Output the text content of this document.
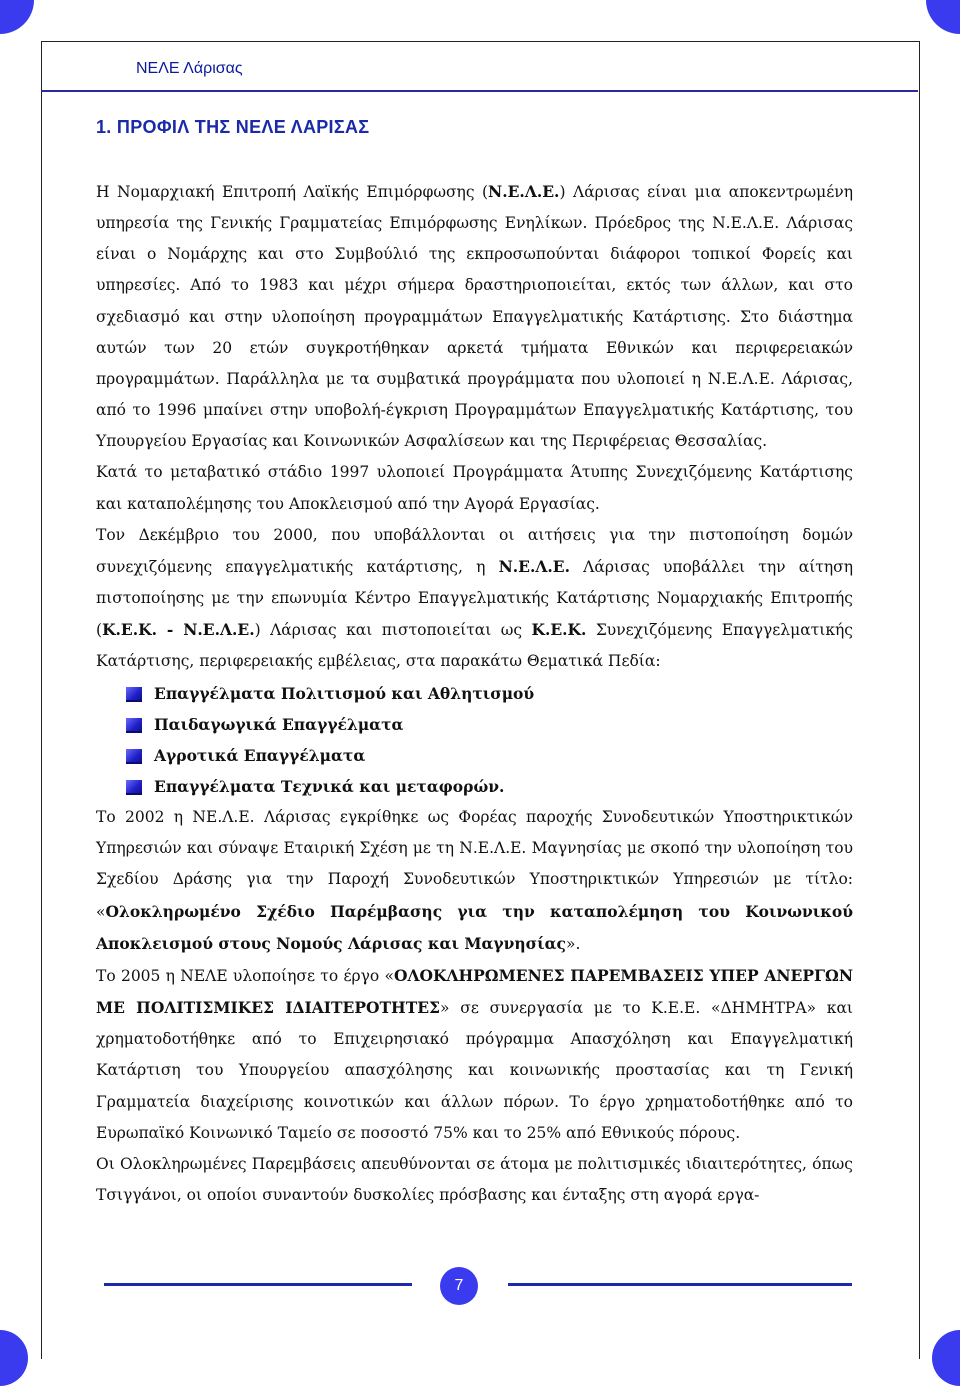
ΝΕΛΕ Λάρισας
1. ΠΡΟΦΙΛ ΤΗΣ ΝΕΛΕ ΛΑΡΙΣΑΣ

Η Νομαρχιακή Επιτροπή Λαϊκής Επιμόρφωσης (Ν.Ε.Λ.Ε.) Λάρισας είναι μια αποκεντρωμένη υπηρεσία της Γενικής Γραμματείας Επιμόρφωσης Ενηλίκων. Πρόεδρος της Ν.Ε.Λ.Ε. Λάρισας είναι ο Νομάρχης και στο Συμβούλιό της εκπροσωπούνται διάφοροι τοπικοί Φορείς και υπηρεσίες. Από το 1983 και μέχρι σήμερα δραστηριοποιείται, εκτός των άλλων, και στο σχεδιασμό και στην υλοποίηση προγραμμάτων Επαγγελματικής Κατάρτισης. Στο διάστημα αυτών των 20 ετών συγκροτήθηκαν αρκετά τμήματα Εθνικών και περιφερειακών προγραμμάτων. Παράλληλα με τα συμβατικά προγράμματα που υλοποιεί η Ν.Ε.Λ.Ε. Λάρισας, από το 1996 μπαίνει στην υποβολή-έγκριση Προγραμμάτων Επαγγελματικής Κατάρτισης, του Υπουργείου Εργασίας και Κοινωνικών Ασφαλίσεων και της Περιφέρειας Θεσσαλίας.

Κατά το μεταβατικό στάδιο 1997 υλοποιεί Προγράμματα Άτυπης Συνεχιζόμενης Κατάρτισης και καταπολέμησης του Αποκλεισμού από την Αγορά Εργασίας.

Τον Δεκέμβριο του 2000, που υποβάλλονται οι αιτήσεις για την πιστοποίηση δομών συνεχιζόμενης επαγγελματικής κατάρτισης, η Ν.Ε.Λ.Ε. Λάρισας υποβάλλει την αίτηση πιστοποίησης με την επωνυμία Κέντρο Επαγγελματικής Κατάρτισης Νομαρχιακής Επιτροπής (Κ.Ε.Κ. - Ν.Ε.Λ.Ε.) Λάρισας και πιστοποιείται ως Κ.Ε.Κ. Συνεχιζόμενης Επαγγελματικής Κατάρτισης, περιφερειακής εμβέλειας, στα παρακάτω Θεματικά Πεδία:

Επαγγέλματα Πολιτισμού και Αθλητισμού
Παιδαγωγικά Επαγγέλματα
Αγροτικά Επαγγέλματα
Επαγγέλματα Τεχνικά και μεταφορών.

Το 2002 η ΝΕ.Λ.Ε. Λάρισας εγκρίθηκε ως Φορέας παροχής Συνοδευτικών Υποστηρικτικών Υπηρεσιών και σύναψε Εταιρική Σχέση με τη Ν.Ε.Λ.Ε. Μαγνησίας με σκοπό την υλοποίηση του Σχεδίου Δράσης για την Παροχή Συνοδευτικών Υποστηρικτικών Υπηρεσιών με τίτλο: «Ολοκληρωμένο Σχέδιο Παρέμβασης για την καταπολέμηση του Κοινωνικού Αποκλεισμού στους Νομούς Λάρισας και Μαγνησίας».

Το 2005 η ΝΕΛΕ υλοποίησε το έργο «ΟΛΟΚΛΗΡΩΜΕΝΕΣ ΠΑΡΕΜΒΑΣΕΙΣ ΥΠΕΡ ΑΝΕΡΓΩΝ ΜΕ ΠΟΛΙΤΙΣΜΙΚΕΣ ΙΔΙΑΙΤΕΡΟΤΗΤΕΣ» σε συνεργασία με το Κ.Ε.Ε. «ΔΗΜΗΤΡΑ» και χρηματοδοτήθηκε από το Επιχειρησιακό πρόγραμμα Απασχόληση και Επαγγελματική Κατάρτιση του Υπουργείου απασχόλησης και κοινωνικής προστασίας και τη Γενική Γραμματεία διαχείρισης κοινοτικών και άλλων πόρων. Το έργο χρηματοδοτήθηκε από το Ευρωπαϊκό Κοινωνικό Ταμείο σε ποσοστό 75% και το 25% από Εθνικούς πόρους.

Οι Ολοκληρωμένες Παρεμβάσεις απευθύνονται σε άτομα με πολιτισμικές ιδιαιτερότητες, όπως Τσιγγάνοι, οι οποίοι συναντούν δυσκολίες πρόσβασης και ένταξης στη αγορά εργα-

7
